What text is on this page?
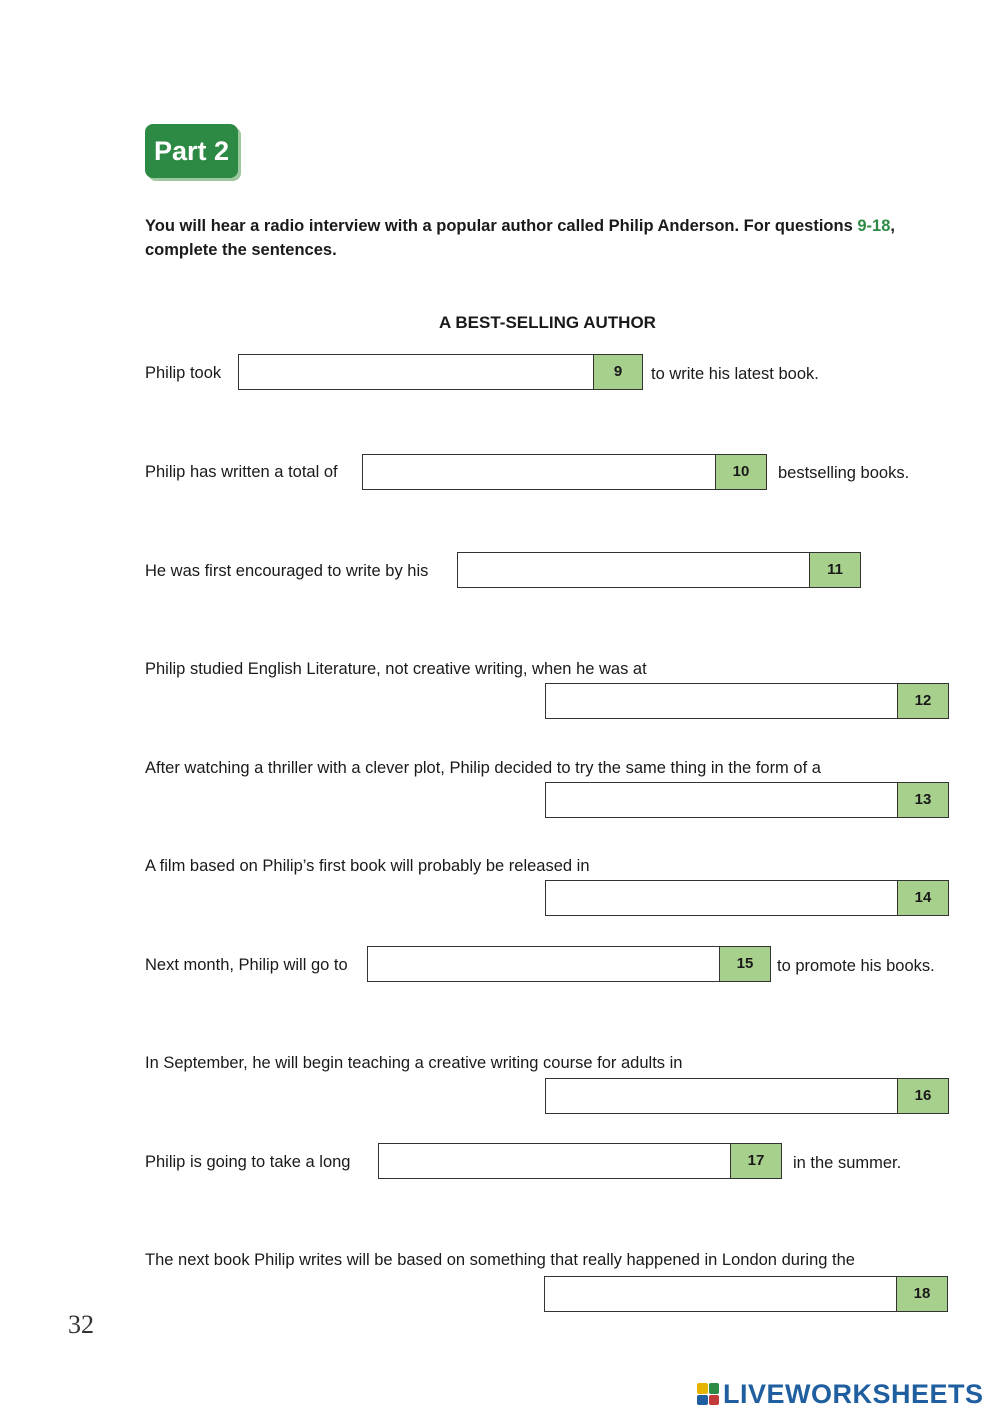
Part 2
You will hear a radio interview with a popular author called Philip Anderson. For questions 9-18, complete the sentences.
A BEST-SELLING AUTHOR
Philip took	9	to write his latest book.
Philip has written a total of	10	bestselling books.
He was first encouraged to write by his	11
Philip studied English Literature, not creative writing, when he was at
12
After watching a thriller with a clever plot, Philip decided to try the same thing in the form of a
13
A film based on Philip’s first book will probably be released in
14
Next month, Philip will go to	15	to promote his books.
In September, he will begin teaching a creative writing course for adults in
16
Philip is going to take a long	17	in the summer.
The next book Philip writes will be based on something that really happened in London during the
18
32
LIVEWORKSHEETS
